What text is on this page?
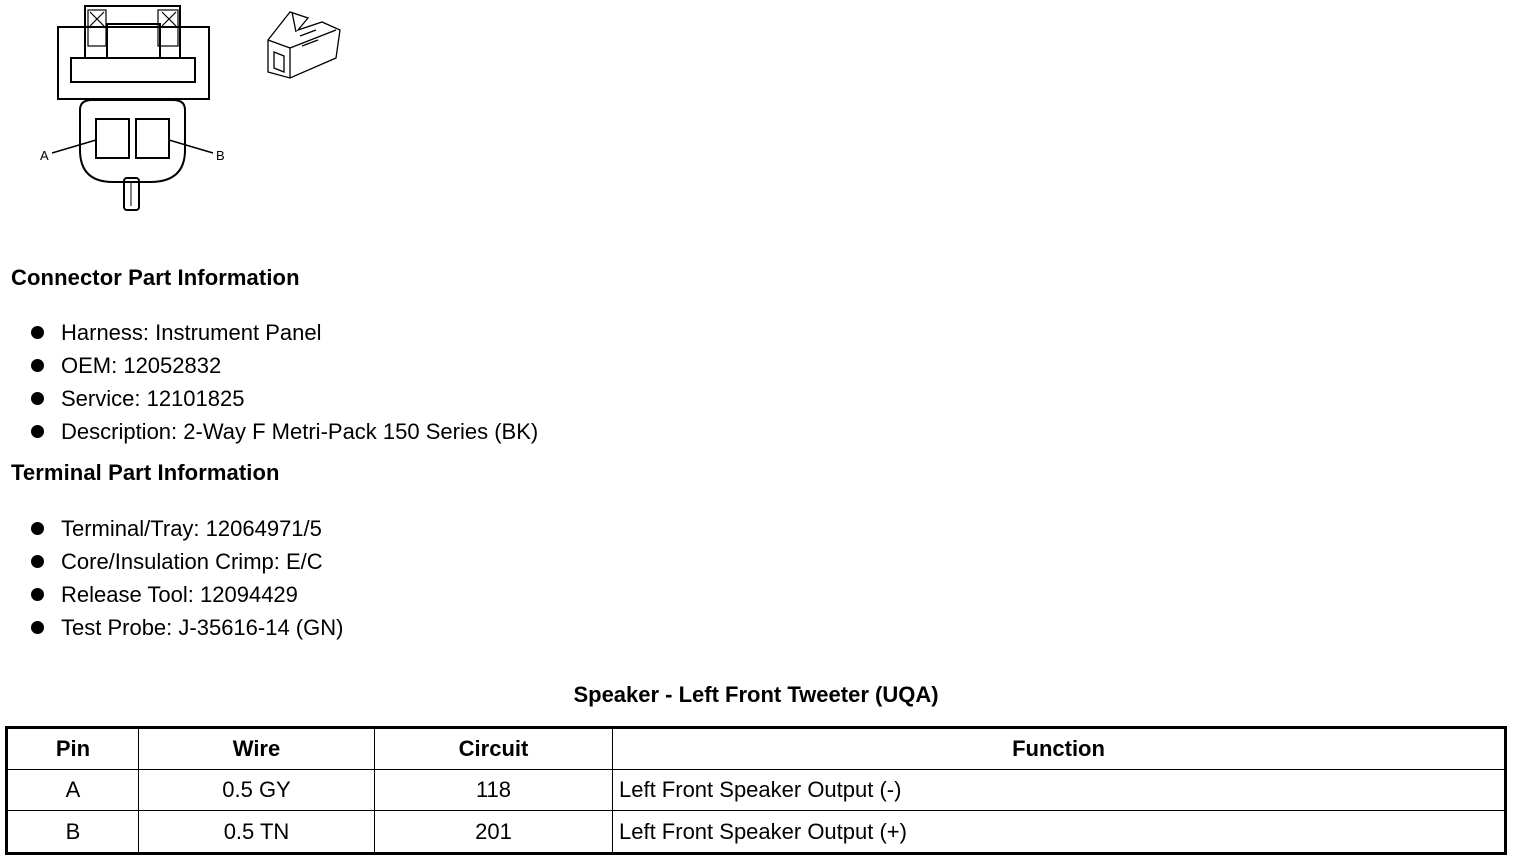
A	B
Connector Part Information
Harness: Instrument Panel
OEM: 12052832
Service: 12101825
Description: 2-Way F Metri-Pack 150 Series (BK)
Terminal Part Information
Terminal/Tray: 12064971/5
Core/Insulation Crimp: E/C
Release Tool: 12094429
Test Probe: J-35616-14 (GN)
Speaker - Left Front Tweeter (UQA)
Pin	Wire	Circuit	Function
A	0.5 GY	118	Left Front Speaker Output (-)
B	0.5 TN	201	Left Front Speaker Output (+)
